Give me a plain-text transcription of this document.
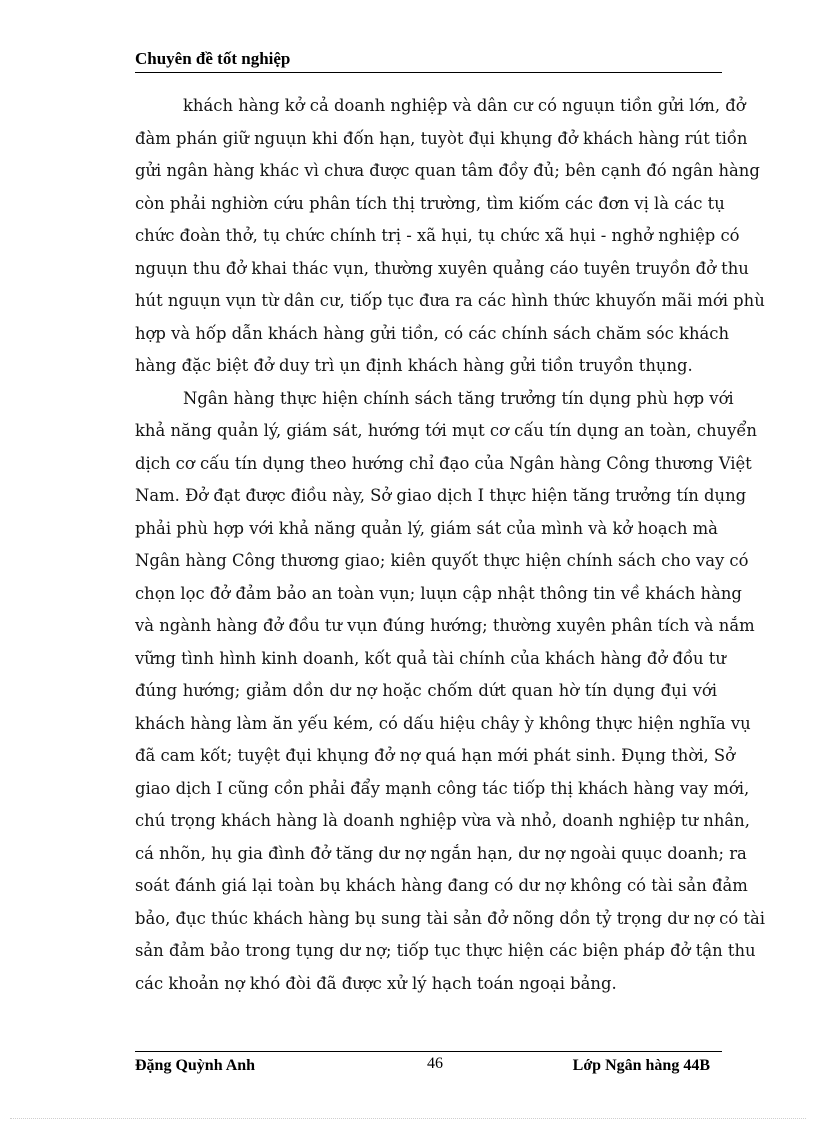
Chuyên đề tốt nghiệp
khách hàng kở cả doanh nghiệp và dân cư có nguụn tiồn gửi lớn, đở
đàm phán giữ nguụn khi đốn hạn, tuyòt đụi khụng đở khách hàng rút tiồn
gửi ngân hàng khác vì chưa được quan tâm đồy đủ; bên cạnh đó ngân hàng
còn phải nghiờn cứu phân tích thị trường, tìm kiốm các đơn vị là các tụ
chức đoàn thở, tụ chức chính trị - xã hụi, tụ chức xã hụi - nghở nghiệp có
nguụn thu đở khai thác vụn, thường xuyên quảng cáo tuyên truyồn đở thu
hút nguụn vụn từ dân cư, tiốp tục đưa ra các hình thức khuyốn mãi mới phù
hợp và hốp dẫn khách hàng gửi tiồn, có các chính sách chăm sóc khách
hàng đặc biệt đở duy trì ụn định khách hàng gửi tiồn truyồn thụng.
Ngân hàng thực hiện chính sách tăng trưởng tín dụng phù hợp với
khả năng quản lý, giám sát, hướng tới mụt cơ cấu tín dụng an toàn, chuyển
dịch cơ cấu tín dụng theo hướng chỉ đạo của Ngân hàng Công thương Việt
Nam. Đở đạt được điồu này, Sở giao dịch I thực hiện tăng trưởng tín dụng
phải phù hợp với khả năng quản lý, giám sát của mình và kở hoạch mà
Ngân hàng Công thương giao; kiên quyốt thực hiện chính sách cho vay có
chọn lọc đở đảm bảo an toàn vụn; luụn cập nhật thông tin về khách hàng
và ngành hàng đở đồu tư vụn đúng hướng; thường xuyên phân tích và nắm
vững tình hình kinh doanh, kốt quả tài chính của khách hàng đở đồu tư
đúng hướng; giảm dồn dư nợ hoặc chốm dứt quan hờ tín dụng đụi với
khách hàng làm ăn yếu kém, có dấu hiệu chây ỳ không thực hiện nghĩa vụ
đã cam kốt; tuyệt đụi khụng đở nợ quá hạn mới phát sinh. Đụng thời, Sở
giao dịch I cũng cồn phải đẩy mạnh công tác tiốp thị khách hàng vay mới,
chú trọng khách hàng là doanh nghiệp vừa và nhỏ, doanh nghiệp tư nhân,
cá nhõn, hụ gia đình đở tăng dư nợ ngắn hạn, dư nợ ngoài quục doanh; ra
soát đánh giá lại toàn bụ khách hàng đang có dư nợ không có tài sản đảm
bảo, đục thúc khách hàng bụ sung tài sản đở nõng dồn tỷ trọng dư nợ có tài
sản đảm bảo trong tụng dư nợ; tiốp tục thực hiện các biện pháp đở tận thu
các khoản nợ khó đòi đã được xử lý hạch toán ngoại bảng.
Đặng Quỳnh Anh	46	Lớp Ngân hàng 44B
